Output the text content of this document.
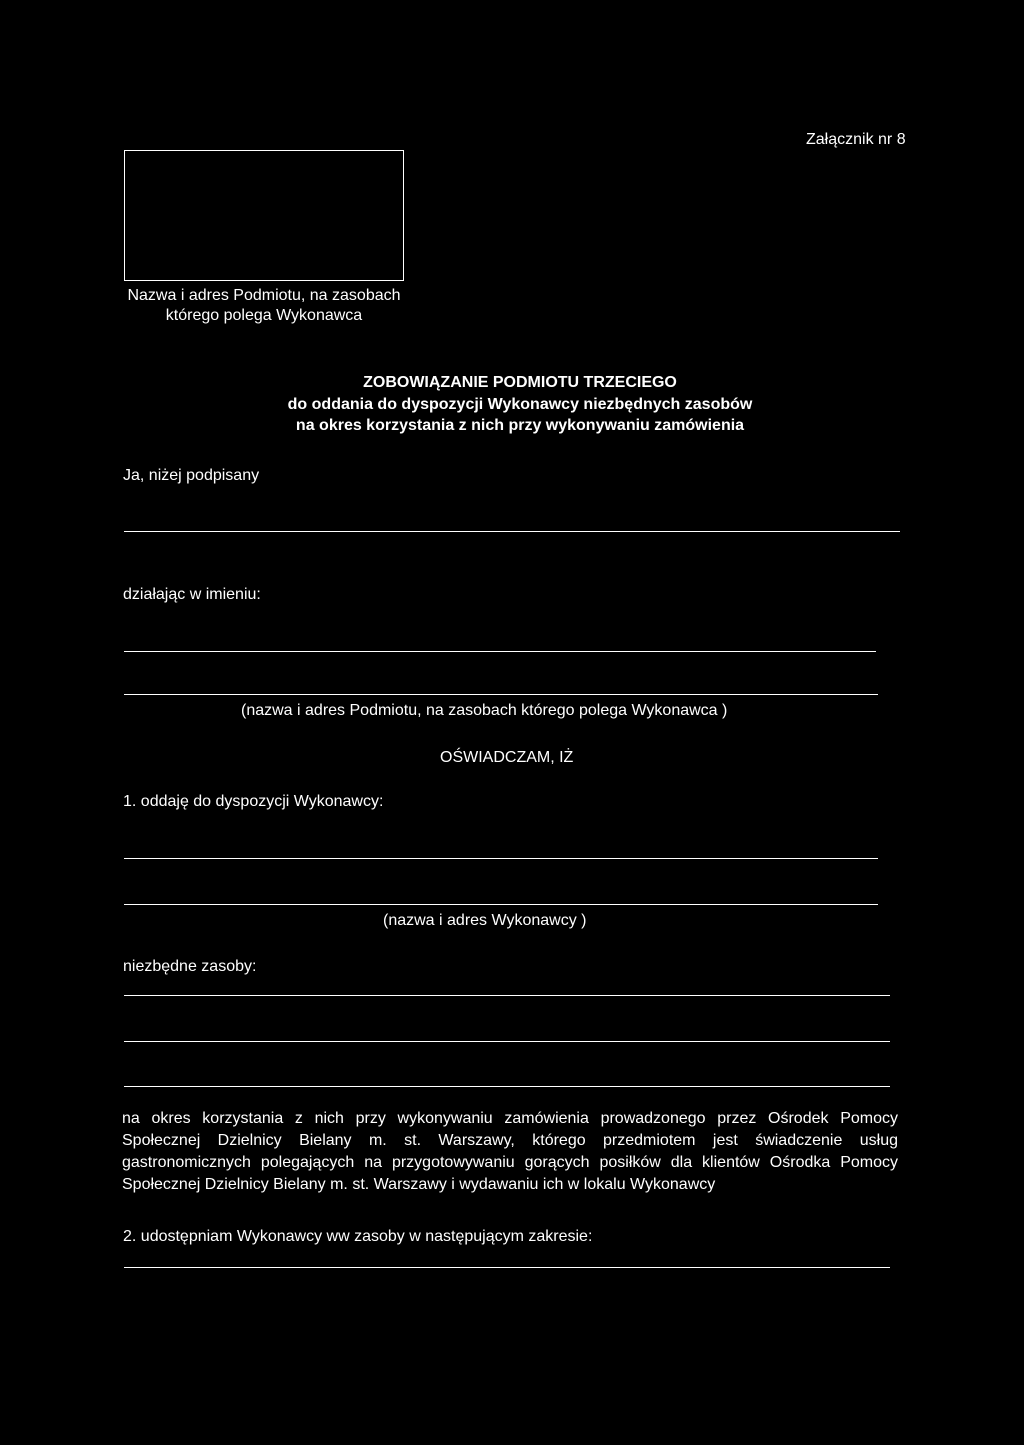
Załącznik nr 8
Nazwa i adres Podmiotu, na zasobach
którego polega Wykonawca
ZOBOWIĄZANIE PODMIOTU TRZECIEGO
do oddania do dyspozycji Wykonawcy niezbędnych zasobów
na okres korzystania z nich przy wykonywaniu zamówienia
Ja, niżej podpisany
działając w imieniu:
(nazwa i adres Podmiotu, na zasobach którego polega Wykonawca )
OŚWIADCZAM, IŻ
1. oddaję do dyspozycji Wykonawcy:
(nazwa i adres Wykonawcy )
niezbędne zasoby:
na okres korzystania z nich przy wykonywaniu zamówienia prowadzonego przez Ośrodek Pomocy
Społecznej Dzielnicy Bielany m. st. Warszawy, którego przedmiotem jest świadczenie usług
gastronomicznych polegających na przygotowywaniu gorących posiłków dla klientów Ośrodka Pomocy
Społecznej Dzielnicy Bielany m. st. Warszawy i wydawaniu ich w lokalu Wykonawcy
2. udostępniam Wykonawcy ww zasoby w następującym zakresie:
